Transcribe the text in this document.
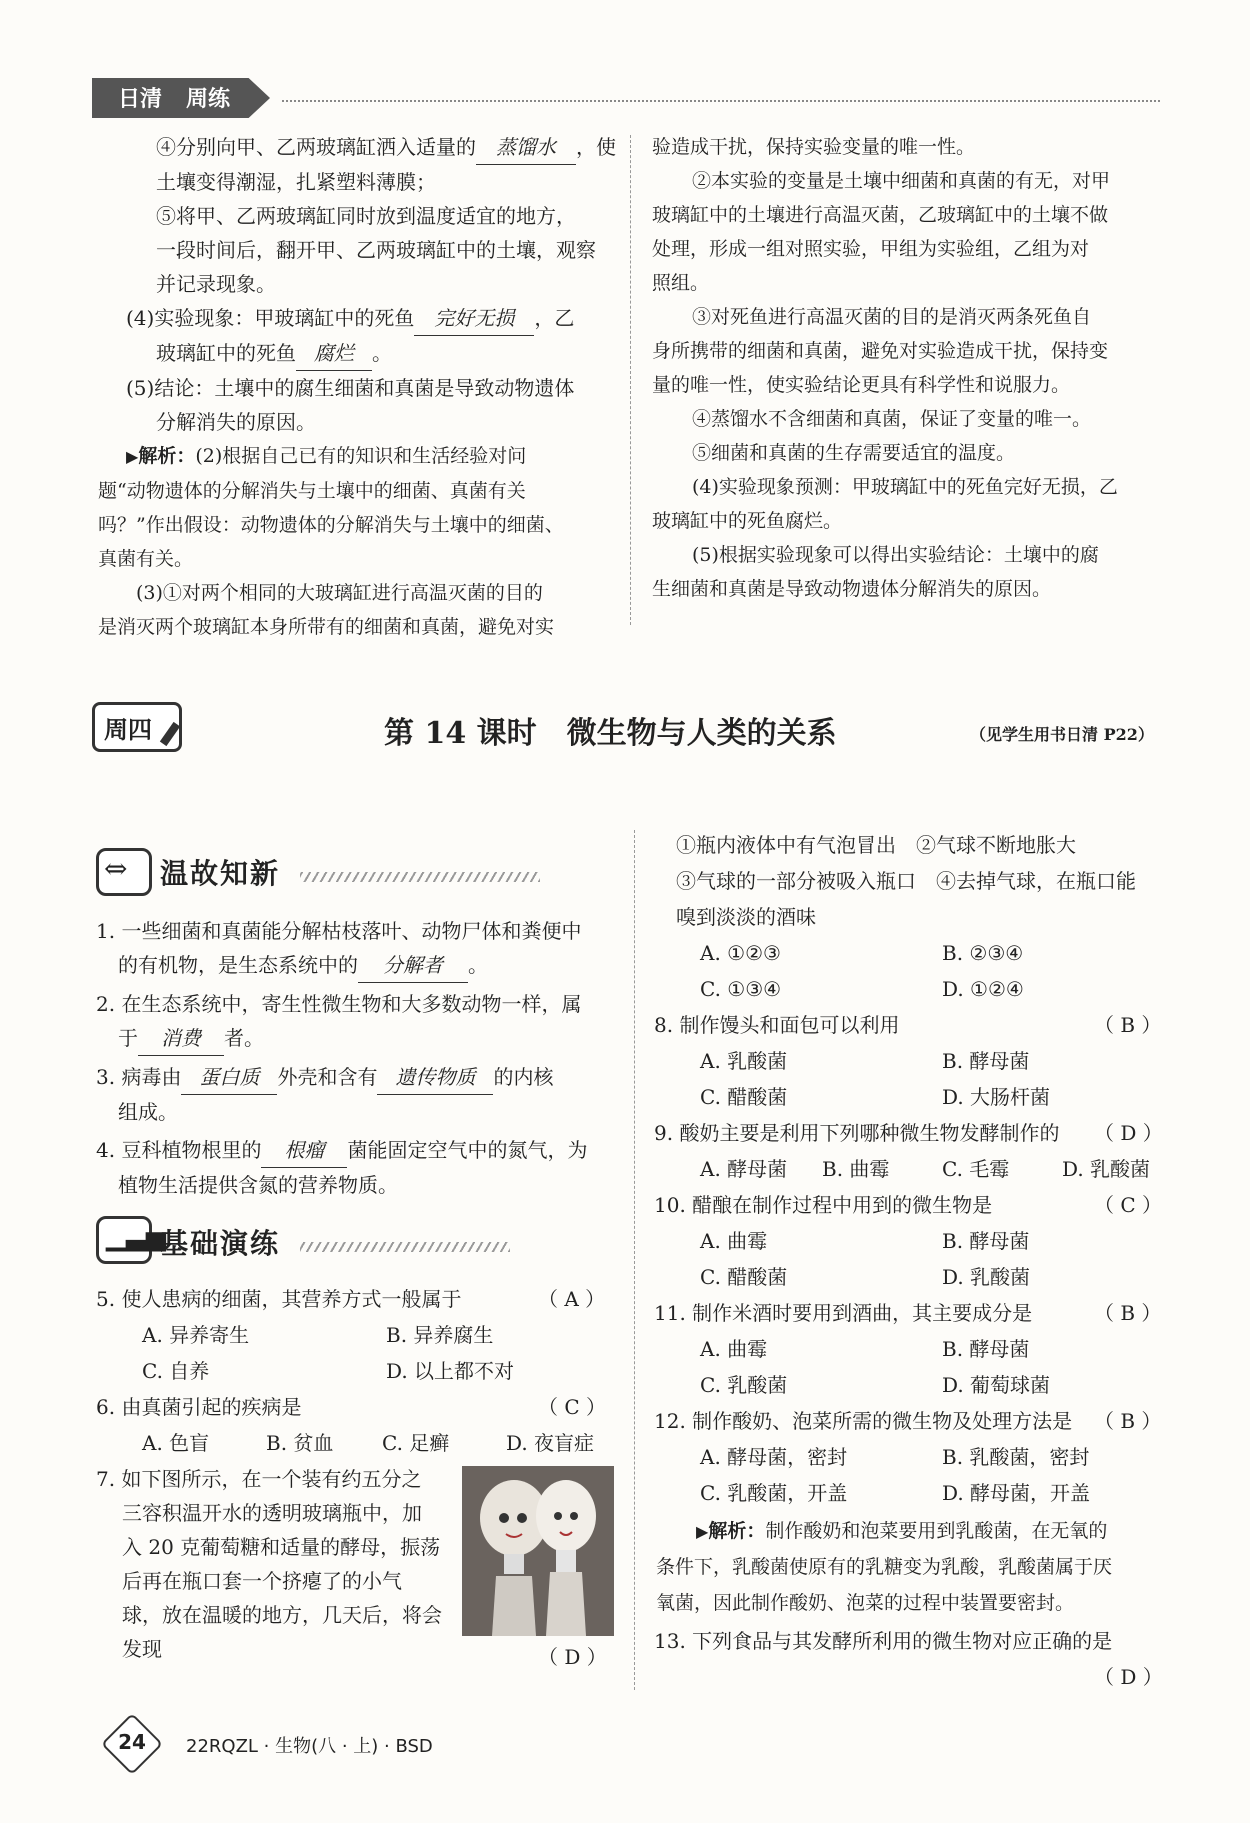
日清 周练
④分别向甲、乙两玻璃缸洒入适量的 蒸馏水 ，使
土壤变得潮湿，扎紧塑料薄膜；
⑤将甲、乙两玻璃缸同时放到温度适宜的地方，
一段时间后，翻开甲、乙两玻璃缸中的土壤，观察
并记录现象。
(4)实验现象：甲玻璃缸中的死鱼 完好无损 ，乙
玻璃缸中的死鱼 腐烂 。
(5)结论：土壤中的腐生细菌和真菌是导致动物遗体
分解消失的原因。
▶解析：(2)根据自己已有的知识和生活经验对问
题“动物遗体的分解消失与土壤中的细菌、真菌有关
吗？”作出假设：动物遗体的分解消失与土壤中的细菌、
真菌有关。
(3)①对两个相同的大玻璃缸进行高温灭菌的目的
是消灭两个玻璃缸本身所带有的细菌和真菌，避免对实
验造成干扰，保持实验变量的唯一性。
②本实验的变量是土壤中细菌和真菌的有无，对甲
玻璃缸中的土壤进行高温灭菌，乙玻璃缸中的土壤不做
处理，形成一组对照实验，甲组为实验组，乙组为对
照组。
③对死鱼进行高温灭菌的目的是消灭两条死鱼自
身所携带的细菌和真菌，避免对实验造成干扰，保持变
量的唯一性，使实验结论更具有科学性和说服力。
④蒸馏水不含细菌和真菌，保证了变量的唯一。
⑤细菌和真菌的生存需要适宜的温度。
(4)实验现象预测：甲玻璃缸中的死鱼完好无损，乙
玻璃缸中的死鱼腐烂。
(5)根据实验现象可以得出实验结论：土壤中的腐
生细菌和真菌是导致动物遗体分解消失的原因。
周四	第 14 课时　微生物与人类的关系	（见学生用书日清 P22）
⇔ 温故知新
1. 一些细菌和真菌能分解枯枝落叶、动物尸体和粪便中
的有机物，是生态系统中的 分解者 。
2. 在生态系统中，寄生性微生物和大多数动物一样，属
于 消费 者。
3. 病毒由 蛋白质 外壳和含有 遗传物质 的内核
组成。
4. 豆科植物根里的 根瘤 菌能固定空气中的氮气，为
植物生活提供含氮的营养物质。
▁▃▅
基础演练
5. 使人患病的细菌，其营养方式一般属于	（ A ）
A. 异养寄生	B. 异养腐生
C. 自养	D. 以上都不对
6. 由真菌引起的疾病是	（ C ）
A. 色盲	B. 贫血 C. 足癣	D. 夜盲症
7. 如下图所示，在一个装有约五分之
三容积温开水的透明玻璃瓶中，加
入 20 克葡萄糖和适量的酵母，振荡
后再在瓶口套一个挤瘪了的小气
球，放在温暖的地方，几天后，将会
发现	（ D ）
①瓶内液体中有气泡冒出　②气球不断地胀大
③气球的一部分被吸入瓶口　④去掉气球，在瓶口能
嗅到淡淡的酒味
A. ①②③	B. ②③④
C. ①③④	D. ①②④
8. 制作馒头和面包可以利用	（ B ）
A. 乳酸菌	B. 酵母菌
C. 醋酸菌	D. 大肠杆菌
9. 酸奶主要是利用下列哪种微生物发酵制作的 （ D ）
A. 酵母菌 B. 曲霉	C. 毛霉	D. 乳酸菌
10. 醋酿在制作过程中用到的微生物是	（ C ）
A. 曲霉	B. 酵母菌
C. 醋酸菌	D. 乳酸菌
11. 制作米酒时要用到酒曲，其主要成分是	（ B ）
A. 曲霉	B. 酵母菌
C. 乳酸菌	D. 葡萄球菌
12. 制作酸奶、泡菜所需的微生物及处理方法是 （ B ）
A. 酵母菌，密封	B. 乳酸菌，密封
C. 乳酸菌，开盖	D. 酵母菌，开盖
▶解析：制作酸奶和泡菜要用到乳酸菌，在无氧的
条件下，乳酸菌使原有的乳糖变为乳酸，乳酸菌属于厌
氧菌，因此制作酸奶、泡菜的过程中装置要密封。
13. 下列食品与其发酵所利用的微生物对应正确的是
（ D ）
24	22RQZL · 生物(八 · 上) · BSD
